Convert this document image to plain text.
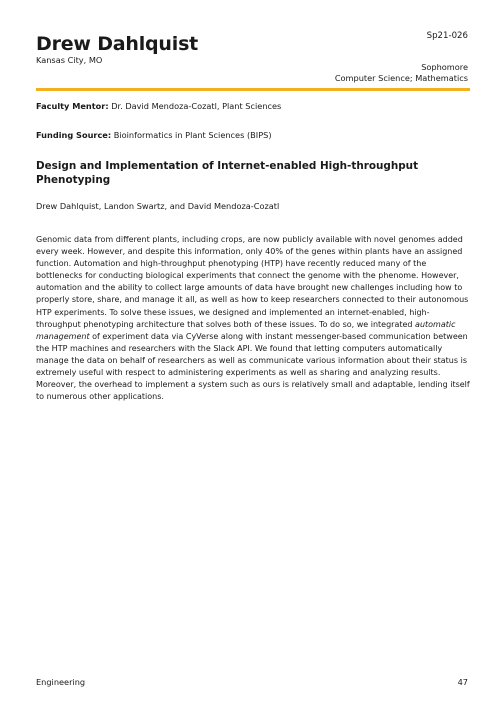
Drew Dahlquist
Kansas City, MO
Sp21-026
Sophomore
Computer Science; Mathematics
Faculty Mentor: Dr. David Mendoza-Cozatl, Plant Sciences
Funding Source: Bioinformatics in Plant Sciences (BIPS)
Design and Implementation of Internet-enabled High-throughput Phenotyping
Drew Dahlquist, Landon Swartz, and David Mendoza-Cozatl
Genomic data from different plants, including crops, are now publicly available with novel genomes added every week. However, and despite this information, only 40% of the genes within plants have an assigned function. Automation and high-throughput phenotyping (HTP) have recently reduced many of the bottlenecks for conducting biological experiments that connect the genome with the phenome. However, automation and the ability to collect large amounts of data have brought new challenges including how to properly store, share, and manage it all, as well as how to keep researchers connected to their autonomous HTP experiments. To solve these issues, we designed and implemented an internet-enabled, high-throughput phenotyping architecture that solves both of these issues. To do so, we integrated automatic management of experiment data via CyVerse along with instant messenger-based communication between the HTP machines and researchers with the Slack API. We found that letting computers automatically manage the data on behalf of researchers as well as communicate various information about their status is extremely useful with respect to administering experiments as well as sharing and analyzing results. Moreover, the overhead to implement a system such as ours is relatively small and adaptable, lending itself to numerous other applications.
Engineering	47
